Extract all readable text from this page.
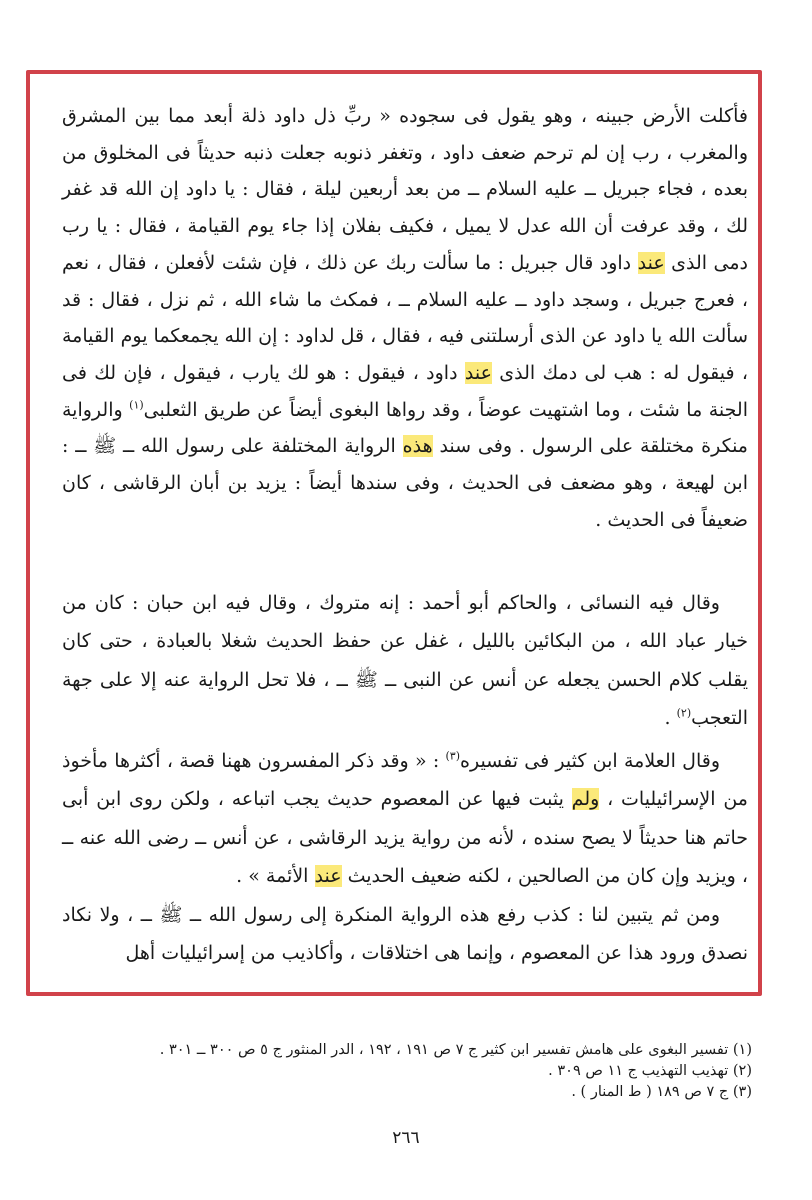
فأكلت الأرض جبينه ، وهو يقول فى سجوده « ربِّ ذل داود ذلة أبعد مما بين المشرق والمغرب ، رب إن لم ترحم ضعف داود ، وتغفر ذنوبه جعلت ذنبه حديثاً فى المخلوق من بعده ، فجاء جبريل ــ عليه السلام ــ من بعد أربعين ليلة ، فقال : يا داود إن الله قد غفر لك ، وقد عرفت أن الله عدل لا يميل ، فكيف بفلان إذا جاء يوم القيامة ، فقال : يا رب دمى الذى عند داود قال جبريل : ما سألت ربك عن ذلك ، فإن شئت لأفعلن ، فقال ، نعم ، فعرج جبريل ، وسجد داود ــ عليه السلام ــ ، فمكث ما شاء الله ، ثم نزل ، فقال : قد سألت الله يا داود عن الذى أرسلتنى فيه ، فقال ، قل لداود : إن الله يجمعكما يوم القيامة ، فيقول له : هب لى دمك الذى عند داود ، فيقول : هو لك يارب ، فيقول ، فإن لك فى الجنة ما شئت ، وما اشتهيت عوضاً ، وقد رواها البغوى أيضاً عن طريق الثعلبى$^{(١)}$ والرواية منكرة مختلقة على الرسول . وفى سند هذه الرواية المختلفة على رسول الله ــ ﷺ ــ : ابن لهيعة ، وهو مضعف فى الحديث ، وفى سندها أيضاً : يزيد بن أبان الرقاشى ، كان ضعيفاً فى الحديث .

وقال فيه النسائى ، والحاكم أبو أحمد : إنه متروك ، وقال فيه ابن حبان : كان من خيار عباد الله ، من البكائين بالليل ، غفل عن حفظ الحديث شغلا بالعبادة ، حتى كان يقلب كلام الحسن يجعله عن أنس عن النبى ــ ﷺ ــ ، فلا تحل الرواية عنه إلا على جهة التعجب$^{(٢)}$ .

وقال العلامة ابن كثير فى تفسيره$^{(٣)}$ : « وقد ذكر المفسرون ههنا قصة ، أكثرها مأخوذ من الإسرائيليات ، ولم يثبت فيها عن المعصوم حديث يجب اتباعه ، ولكن روى ابن أبى حاتم هنا حديثاً لا يصح سنده ، لأنه من رواية يزيد الرقاشى ، عن أنس ــ رضى الله عنه ــ ، ويزيد وإن كان من الصالحين ، لكنه ضعيف الحديث عند الأئمة » .

ومن ثم يتبين لنا : كذب رفع هذه الرواية المنكرة إلى رسول الله ــ ﷺ ــ ، ولا نكاد نصدق ورود هذا عن المعصوم ، وإنما هى اختلاقات ، وأكاذيب من إسرائيليات أهل

(١) تفسير البغوى على هامش تفسير ابن كثير ج ٧ ص ١٩١ ، ١٩٢ ، الدر المنثور ج ٥ ص ٣٠٠ ــ ٣٠١ .

(٢) تهذيب التهذيب ج ١١ ص ٣٠٩ .

(٣) ج ٧ ص ١٨٩ ( ط المنار ) .

٢٦٦
